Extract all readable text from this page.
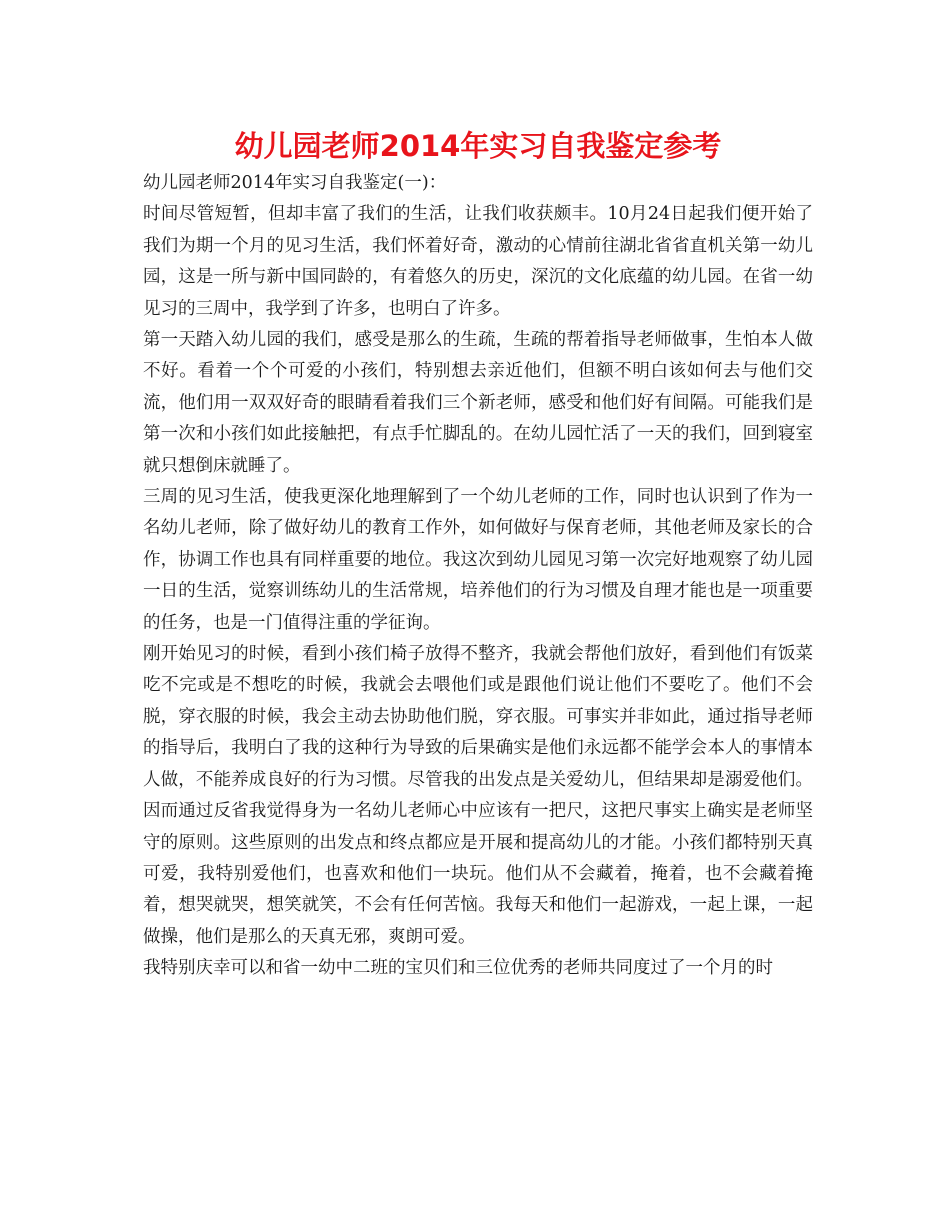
幼儿园老师2014年实习自我鉴定参考

幼儿园老师2014年实习自我鉴定(一)：

时间尽管短暂，但却丰富了我们的生活，让我们收获颇丰。10月24日起我们便开始了我们为期一个月的见习生活，我们怀着好奇，激动的心情前往湖北省省直机关第一幼儿园，这是一所与新中国同龄的，有着悠久的历史，深沉的文化底蕴的幼儿园。在省一幼见习的三周中，我学到了许多，也明白了许多。

第一天踏入幼儿园的我们，感受是那么的生疏，生疏的帮着指导老师做事，生怕本人做不好。看着一个个可爱的小孩们，特别想去亲近他们，但额不明白该如何去与他们交流，他们用一双双好奇的眼睛看着我们三个新老师，感受和他们好有间隔。可能我们是第一次和小孩们如此接触把，有点手忙脚乱的。在幼儿园忙活了一天的我们，回到寝室就只想倒床就睡了。

三周的见习生活，使我更深化地理解到了一个幼儿老师的工作，同时也认识到了作为一名幼儿老师，除了做好幼儿的教育工作外，如何做好与保育老师，其他老师及家长的合作，协调工作也具有同样重要的地位。我这次到幼儿园见习第一次完好地观察了幼儿园一日的生活，觉察训练幼儿的生活常规，培养他们的行为习惯及自理才能也是一项重要的任务，也是一门值得注重的学征询。

刚开始见习的时候，看到小孩们椅子放得不整齐，我就会帮他们放好，看到他们有饭菜吃不完或是不想吃的时候，我就会去喂他们或是跟他们说让他们不要吃了。他们不会脱，穿衣服的时候，我会主动去协助他们脱，穿衣服。可事实并非如此，通过指导老师的指导后，我明白了我的这种行为导致的后果确实是他们永远都不能学会本人的事情本人做，不能养成良好的行为习惯。尽管我的出发点是关爱幼儿，但结果却是溺爱他们。因而通过反省我觉得身为一名幼儿老师心中应该有一把尺，这把尺事实上确实是老师坚守的原则。这些原则的出发点和终点都应是开展和提高幼儿的才能。小孩们都特别天真可爱，我特别爱他们，也喜欢和他们一块玩。他们从不会藏着，掩着，也不会藏着掩着，想哭就哭，想笑就笑，不会有任何苦恼。我每天和他们一起游戏，一起上课，一起做操，他们是那么的天真无邪，爽朗可爱。

我特别庆幸可以和省一幼中二班的宝贝们和三位优秀的老师共同度过了一个月的时
